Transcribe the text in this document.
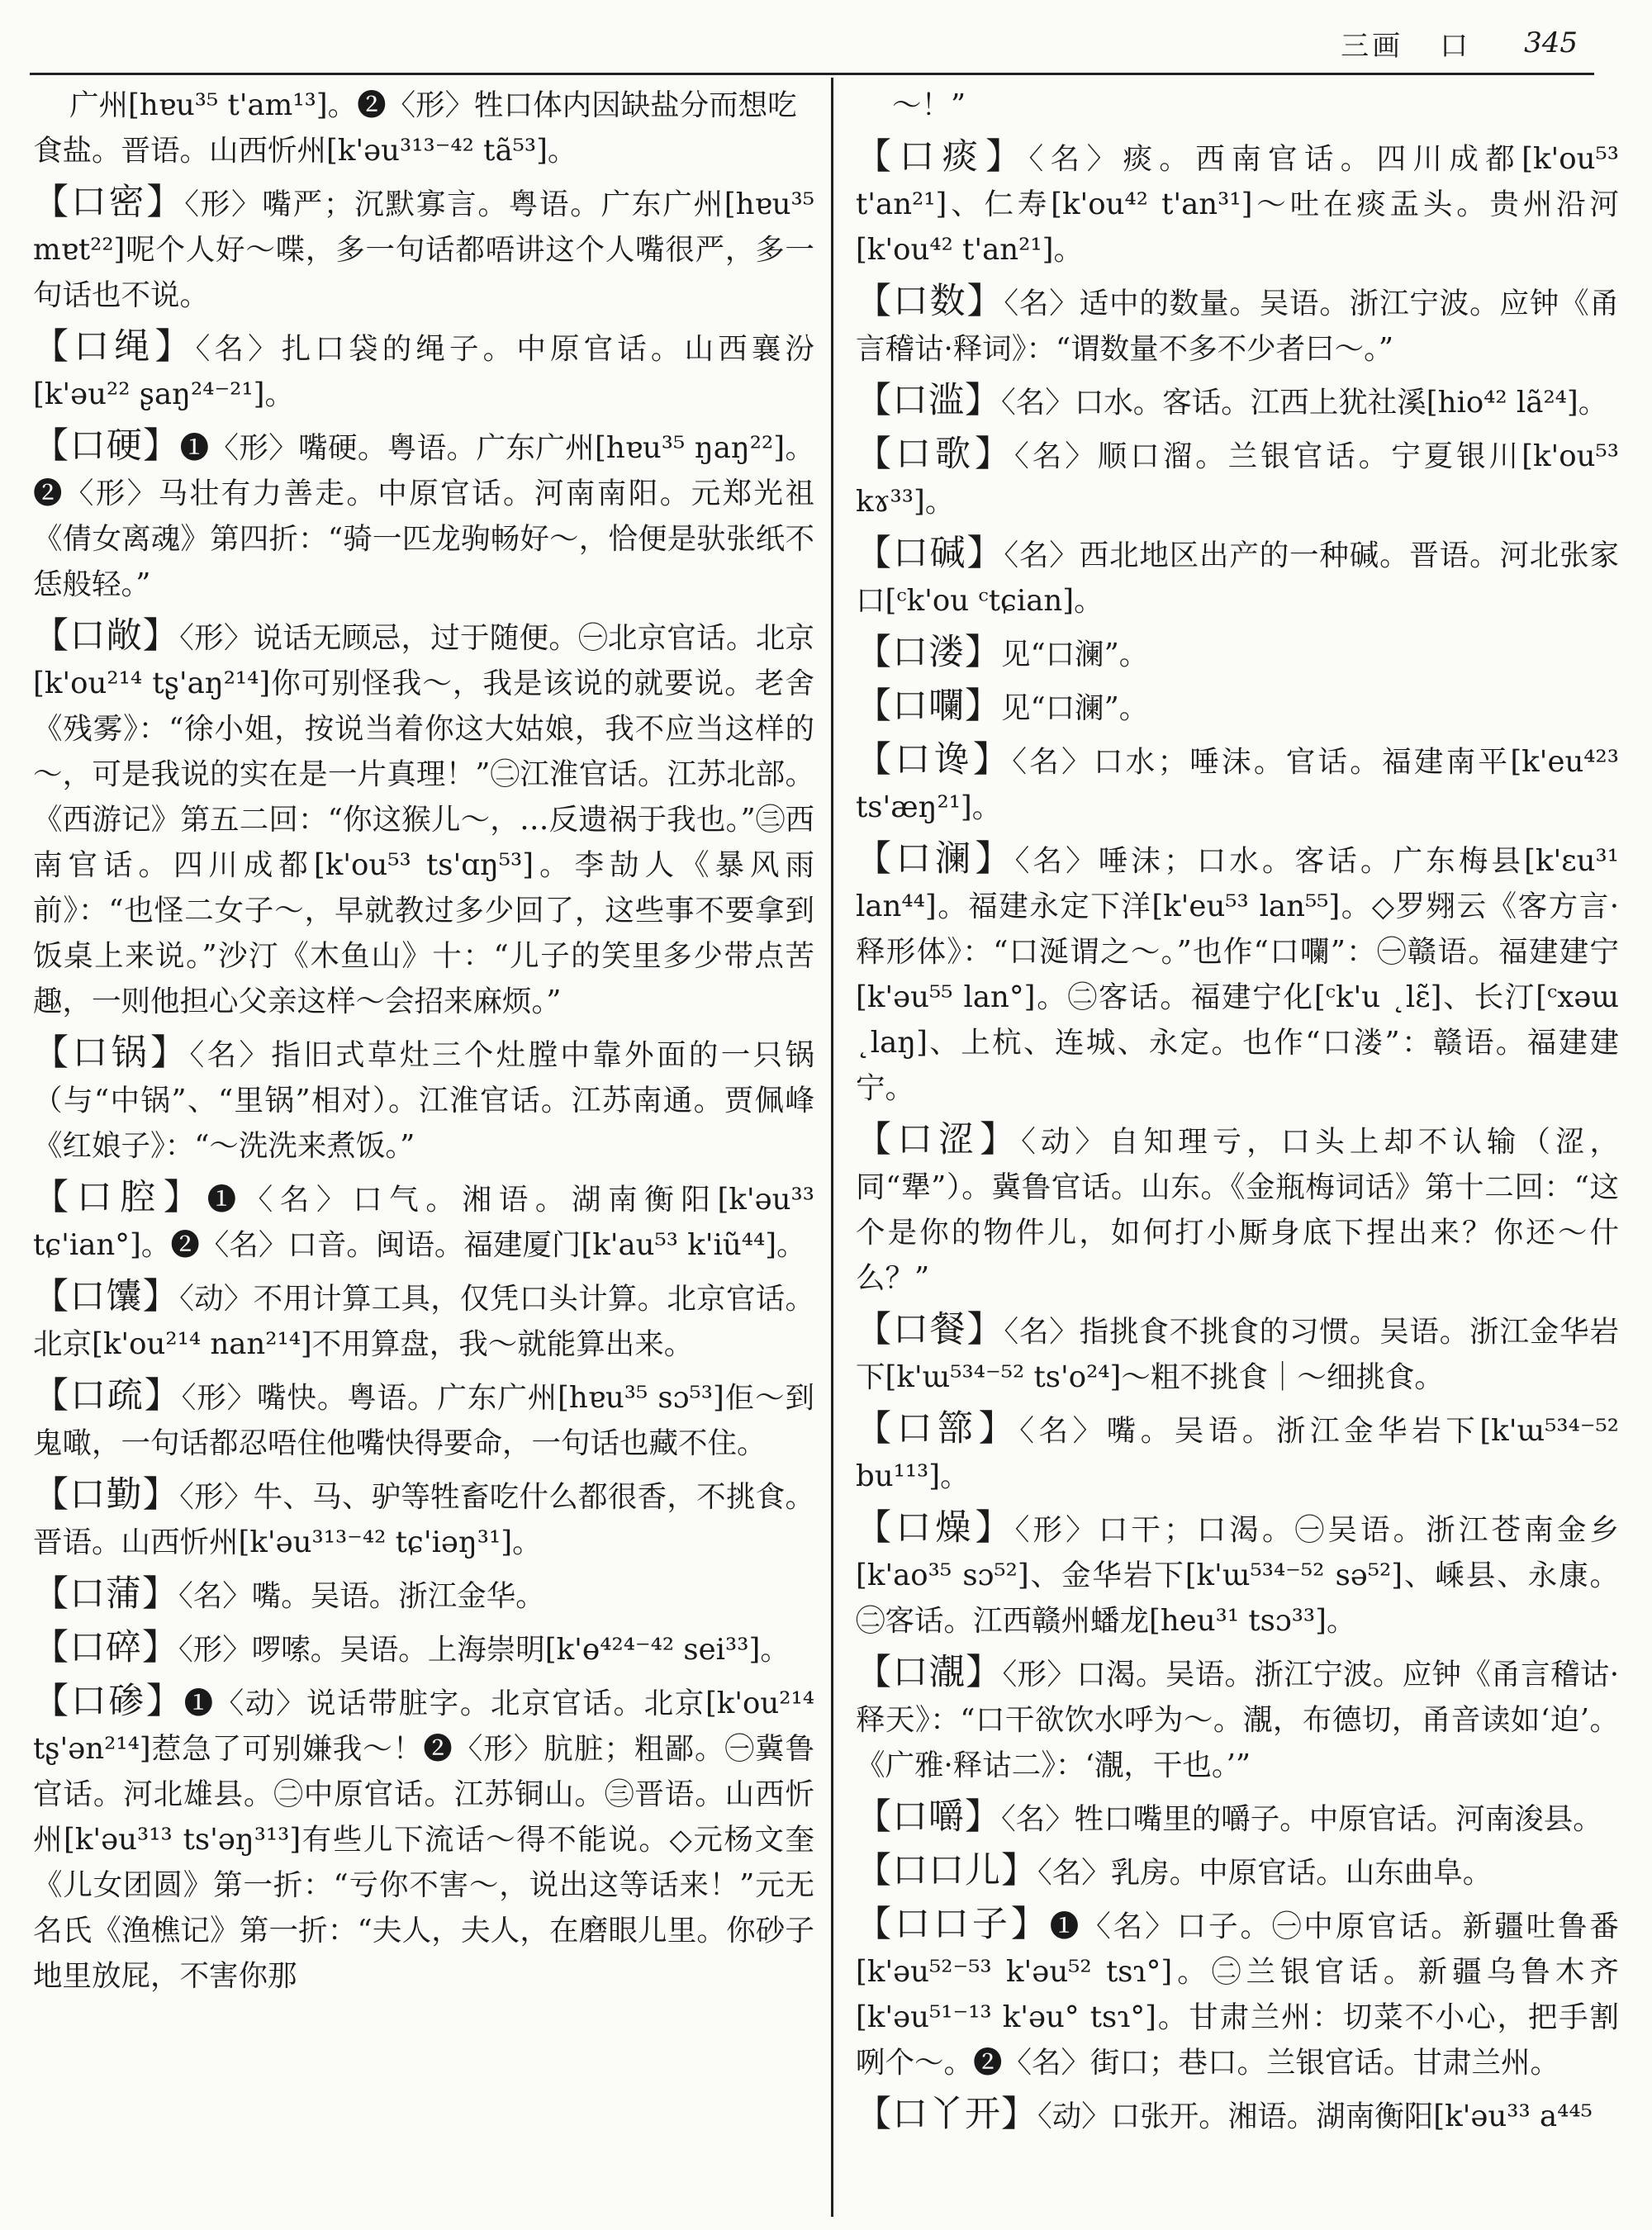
三画 口 345

广州[hɐu³⁵ t'am¹³]。❷〈形〉牲口体内因缺盐分而想吃食盐。晋语。山西忻州[k'əu³¹³⁻⁴² tã⁵³]。

【口密】〈形〉嘴严；沉默寡言。粤语。广东广州[hɐu³⁵ mɐt²²]呢个人好～喋，多一句话都唔讲这个人嘴很严，多一句话也不说。

【口绳】〈名〉扎口袋的绳子。中原官话。山西襄汾[k'əu²² ʂaŋ²⁴⁻²¹]。

【口硬】❶〈形〉嘴硬。粤语。广东广州[hɐu³⁵ ŋaŋ²²]。❷〈形〉马壮有力善走。中原官话。河南南阳。元郑光祖《倩女离魂》第四折：“骑一匹龙驹畅好～，恰便是驮张纸不恁般轻。”

【口敞】〈形〉说话无顾忌，过于随便。㊀北京官话。北京[k'ou²¹⁴ tʂ'aŋ²¹⁴]你可别怪我～，我是该说的就要说。老舍《残雾》：“徐小姐，按说当着你这大姑娘，我不应当这样的～，可是我说的实在是一片真理！”㊁江淮官话。江苏北部。《西游记》第五二回：“你这猴儿～，…反遗祸于我也。”㊂西南官话。四川成都[k'ou⁵³ ts'ɑŋ⁵³]。李劼人《暴风雨前》：“也怪二女子～，早就教过多少回了，这些事不要拿到饭桌上来说。”沙汀《木鱼山》十：“儿子的笑里多少带点苦趣，一则他担心父亲这样～会招来麻烦。”

【口锅】〈名〉指旧式草灶三个灶膛中靠外面的一只锅（与“中锅”、“里锅”相对）。江淮官话。江苏南通。贾佩峰《红娘子》：“～洗洗来煮饭。”

【口腔】❶〈名〉口气。湘语。湖南衡阳[k'əu³³ tɕ'ian°]。❷〈名〉口音。闽语。福建厦门[k'au⁵³ k'iũ⁴⁴]。

【口馕】〈动〉不用计算工具，仅凭口头计算。北京官话。北京[k'ou²¹⁴ nan²¹⁴]不用算盘，我～就能算出来。

【口疏】〈形〉嘴快。粤语。广东广州[hɐu³⁵ sɔ⁵³]佢～到鬼噉，一句话都忍唔住他嘴快得要命，一句话也藏不住。

【口勤】〈形〉牛、马、驴等牲畜吃什么都很香，不挑食。晋语。山西忻州[k'əu³¹³⁻⁴² tɕ'iəŋ³¹]。

【口蒲】〈名〉嘴。吴语。浙江金华。

【口碎】〈形〉啰嗦。吴语。上海崇明[k'ɵ⁴²⁴⁻⁴² sei³³]。

【口碜】❶〈动〉说话带脏字。北京官话。北京[k'ou²¹⁴ tʂ'ən²¹⁴]惹急了可别嫌我～！❷〈形〉肮脏；粗鄙。㊀冀鲁官话。河北雄县。㊁中原官话。江苏铜山。㊂晋语。山西忻州[k'əu³¹³ ts'əŋ³¹³]有些儿下流话～得不能说。◇元杨文奎《儿女团圆》第一折：“亏你不害～，说出这等话来！”元无名氏《渔樵记》第一折：“夫人，夫人，在磨眼儿里。你砂子地里放屁，不害你那

～！”

【口痰】〈名〉痰。西南官话。四川成都[k'ou⁵³ t'an²¹]、仁寿[k'ou⁴² t'an³¹]～吐在痰盂头。贵州沿河[k'ou⁴² t'an²¹]。

【口数】〈名〉适中的数量。吴语。浙江宁波。应钟《甬言稽诂·释词》：“谓数量不多不少者曰～。”

【口滥】〈名〉口水。客话。江西上犹社溪[hio⁴² lã²⁴]。

【口歌】〈名〉顺口溜。兰银官话。宁夏银川[k'ou⁵³ kɤ³³]。

【口碱】〈名〉西北地区出产的一种碱。晋语。河北张家口[ᶜk'ou ᶜtɕian]。

【口溇】见“口澜”。

【口㘓】见“口澜”。

【口谗】〈名〉口水；唾沫。官话。福建南平[k'eu⁴²³ ts'æŋ²¹]。

【口澜】〈名〉唾沫；口水。客话。广东梅县[k'ɛu³¹ lan⁴⁴]。福建永定下洋[k'eu⁵³ lan⁵⁵]。◇罗翙云《客方言·释形体》：“口涎谓之～。”也作“口㘓”：㊀赣语。福建建宁[k'əu⁵⁵ lan°]。㊁客话。福建宁化[ᶜk'u ˛lɛ̃]、长汀[ᶜxəɯ ˛laŋ]、上杭、连城、永定。也作“口溇”：赣语。福建建宁。

【口涩】〈动〉自知理亏，口头上却不认输（涩，同“犟”）。冀鲁官话。山东。《金瓶梅词话》第十二回：“这个是你的物件儿，如何打小厮身底下捏出来？你还～什么？”

【口餐】〈名〉指挑食不挑食的习惯。吴语。浙江金华岩下[k'ɯ⁵³⁴⁻⁵² ts'o²⁴]～粗不挑食｜～细挑食。

【口篰】〈名〉嘴。吴语。浙江金华岩下[k'ɯ⁵³⁴⁻⁵² bu¹¹³]。

【口燥】〈形〉口干；口渴。㊀吴语。浙江苍南金乡[k'ao³⁵ sɔ⁵²]、金华岩下[k'ɯ⁵³⁴⁻⁵² sə⁵²]、嵊县、永康。㊁客话。江西赣州蟠龙[heu³¹ tsɔ³³]。

【口㵾】〈形〉口渴。吴语。浙江宁波。应钟《甬言稽诂·释天》：“口干欲饮水呼为～。㵾，布德切，甬音读如‘迫’。《广雅·释诂二》：‘㵾，干也。’”

【口嚼】〈名〉牲口嘴里的嚼子。中原官话。河南浚县。

【口口儿】〈名〉乳房。中原官话。山东曲阜。

【口口子】❶〈名〉口子。㊀中原官话。新疆吐鲁番[k'əu⁵²⁻⁵³ k'əu⁵² tsɿ°]。㊁兰银官话。新疆乌鲁木齐[k'əu⁵¹⁻¹³ k'əu° tsɿ°]。甘肃兰州：切菜不小心，把手割咧个～。❷〈名〉街口；巷口。兰银官话。甘肃兰州。

【口丫开】〈动〉口张开。湘语。湖南衡阳[k'əu³³ a⁴⁴⁵
